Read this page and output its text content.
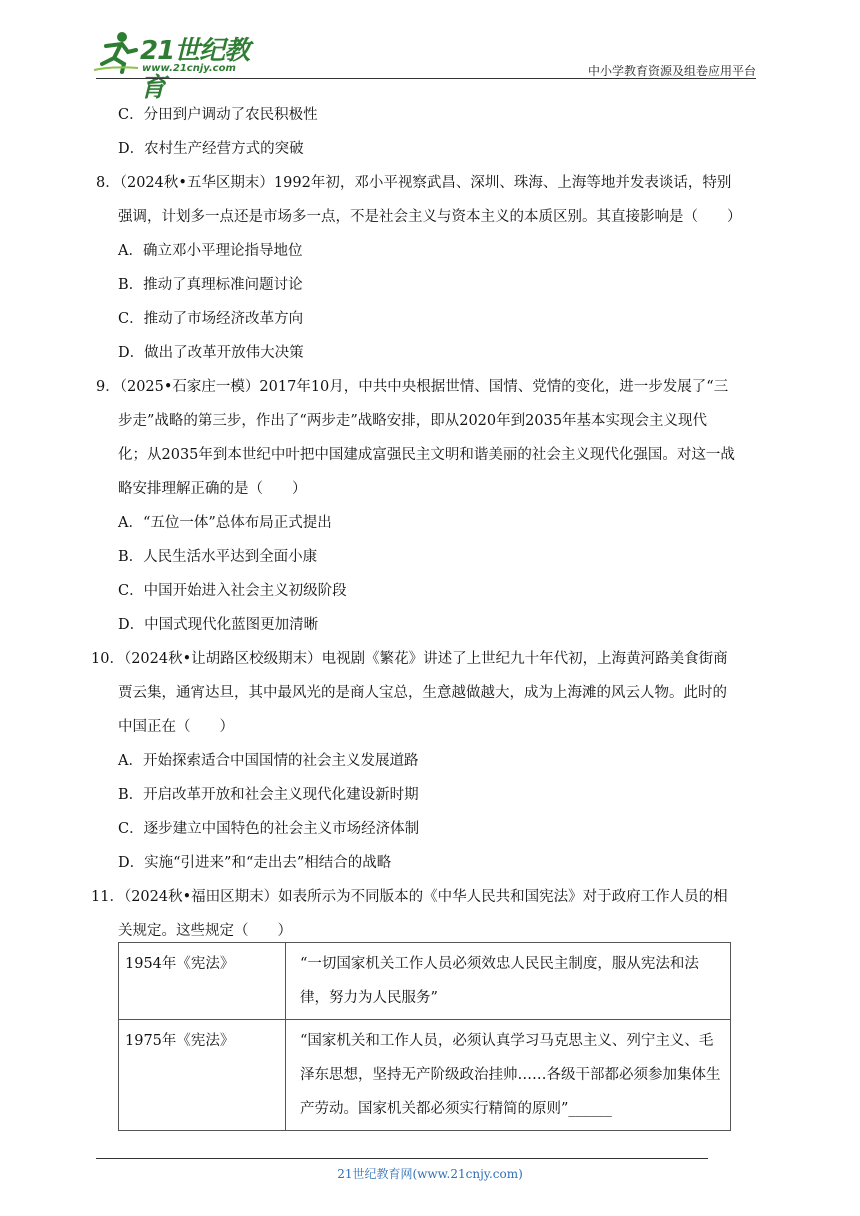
21世纪教育
www.21cnjy.com	中小学教育资源及组卷应用平台
C．分田到户调动了农民积极性
D．农村生产经营方式的突破
8．（2024秋•五华区期末）1992年初，邓小平视察武昌、深圳、珠海、上海等地并发表谈话，特别
强调，计划多一点还是市场多一点，不是社会主义与资本主义的本质区别。其直接影响是（　　）
A．确立邓小平理论指导地位
B．推动了真理标准问题讨论
C．推动了市场经济改革方向
D．做出了改革开放伟大决策
9．（2025•石家庄一模）2017年10月，中共中央根据世情、国情、党情的变化，进一步发展了“三
步走”战略的第三步，作出了“两步走”战略安排，即从2020年到2035年基本实现会主义现代
化；从2035年到本世纪中叶把中国建成富强民主文明和谐美丽的社会主义现代化强国。对这一战
略安排理解正确的是（　　）
A．“五位一体”总体布局正式提出
B．人民生活水平达到全面小康
C．中国开始进入社会主义初级阶段
D．中国式现代化蓝图更加清晰
10．（2024秋•让胡路区校级期末）电视剧《繁花》讲述了上世纪九十年代初，上海黄河路美食街商
贾云集，通宵达旦，其中最风光的是商人宝总，生意越做越大，成为上海滩的风云人物。此时的
中国正在（　　）
A．开始探索适合中国国情的社会主义发展道路
B．开启改革开放和社会主义现代化建设新时期
C．逐步建立中国特色的社会主义市场经济体制
D．实施“引进来”和“走出去”相结合的战略
11．（2024秋•福田区期末）如表所示为不同版本的《中华人民共和国宪法》对于政府工作人员的相
关规定。这些规定（　　）
1954年《宪法》	“一切国家机关工作人员必须效忠人民民主制度，服从宪法和法律，努力为人民服务”
1975年《宪法》	“国家机关和工作人员，必须认真学习马克思主义、列宁主义、毛泽东思想，坚持无产阶级政治挂帅……各级干部都必须参加集体生产劳动。国家机关都必须实行精简的原则”______
21世纪教育网(www.21cnjy.com)
